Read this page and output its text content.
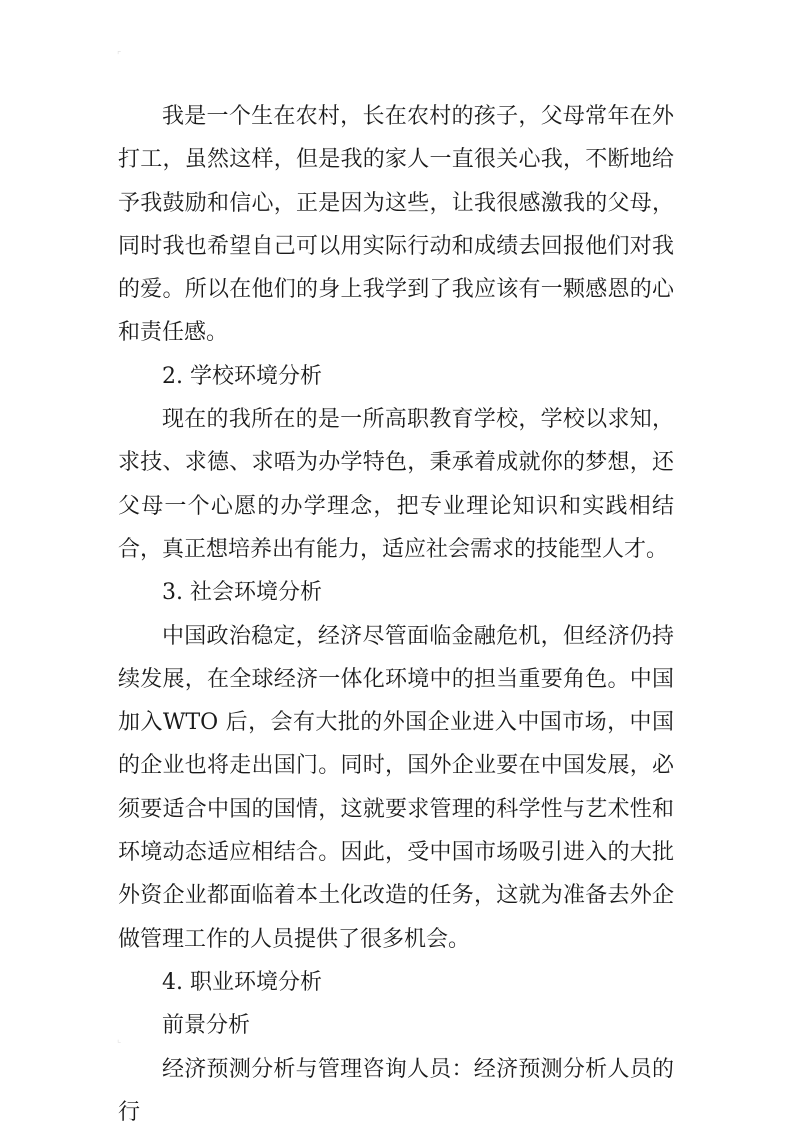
⌜

我是一个生在农村，长在农村的孩子，父母常年在外打工，虽然这样，但是我的家人一直很关心我，不断地给予我鼓励和信心，正是因为这些，让我很感激我的父母，同时我也希望自己可以用实际行动和成绩去回报他们对我的爱。所以在他们的身上我学到了我应该有一颗感恩的心和责任感。

2. 学校环境分析

现在的我所在的是一所高职教育学校，学校以求知，求技、求德、求唔为办学特色，秉承着成就你的梦想，还父母一个心愿的办学理念，把专业理论知识和实践相结合，真正想培养出有能力，适应社会需求的技能型人才。

3. 社会环境分析

中国政治稳定，经济尽管面临金融危机，但经济仍持续发展，在全球经济一体化环境中的担当重要角色。中国加入WTO 后，会有大批的外国企业进入中国市场，中国的企业也将走出国门。同时，国外企业要在中国发展，必须要适合中国的国情，这就要求管理的科学性与艺术性和环境动态适应相结合。因此，受中国市场吸引进入的大批外资企业都面临着本土化改造的任务，这就为准备去外企做管理工作的人员提供了很多机会。

4. 职业环境分析

前景分析

经济预测分析与管理咨询人员：经济预测分析人员的行

⌞
